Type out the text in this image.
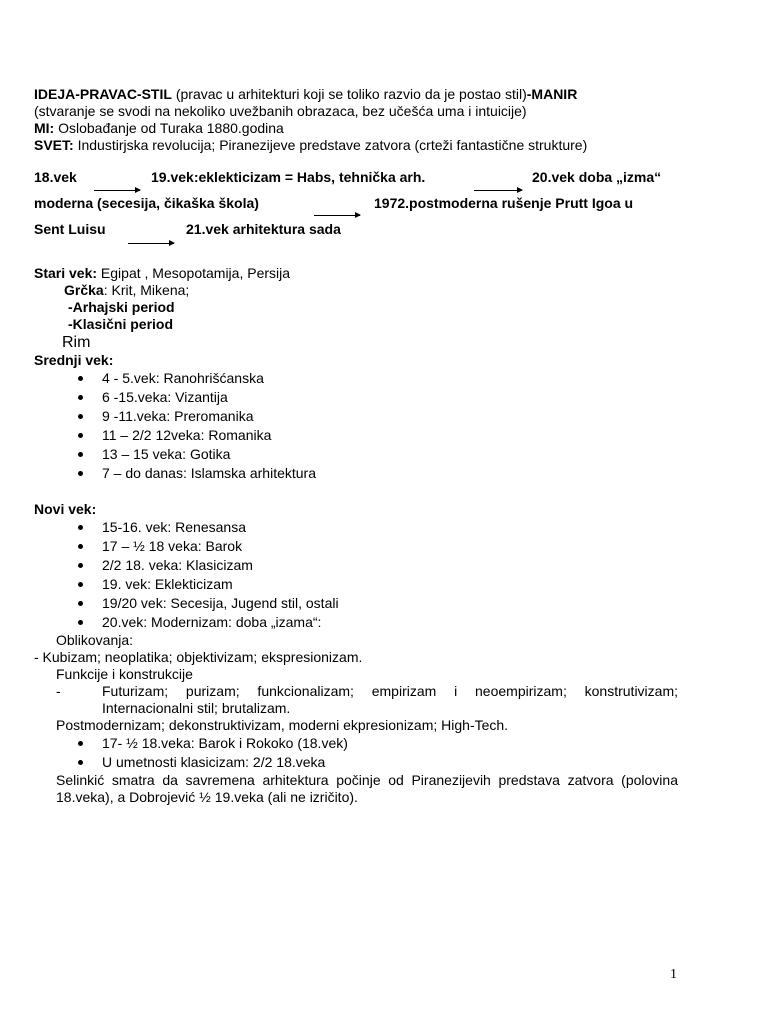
IDEJA-PRAVAC-STIL (pravac u arhitekturi koji se toliko razvio da je postao stil)-MANIR
(stvaranje se svodi na nekoliko uvežbanih obrazaca, bez učešća uma i intuicije)
MI: Oslobađanje od Turaka 1880.godina
SVET: Industirjska revolucija; Piranezijeve predstave zatvora (crteži fantastične strukture)
18.vek	19.vek:eklekticizam = Habs, tehnička arh.	20.vek doba „izma“
moderna (secesija, čikaška škola)	1972.postmoderna rušenje Prutt Igoa u
Sent Luisu	21.vek arhitektura sada
Stari vek: Egipat , Mesopotamija, Persija
Grčka: Krit, Mikena;
-Arhajski period
-Klasični period
Rim
Srednji vek:
4 - 5.vek: Ranohrišćanska
6 -15.veka: Vizantija
9 -11.veka: Preromanika
11 – 2/2 12veka: Romanika
13 – 15 veka: Gotika
7 – do danas: Islamska arhitektura
Novi vek:
15-16. vek: Renesansa
17 – ½ 18 veka: Barok
2/2 18. veka: Klasicizam
19. vek: Eklekticizam
19/20 vek: Secesija, Jugend stil, ostali
20.vek: Modernizam: doba „izama“:
Oblikovanja:
- Kubizam; neoplatika; objektivizam; ekspresionizam.
Funkcije i konstrukcije
-	Futurizam; purizam; funkcionalizam; empirizam i neoempirizam; konstrutivizam; Internacionalni stil; brutalizam.
Postmodernizam; dekonstruktivizam, moderni ekpresionizam; High-Tech.
17- ½ 18.veka: Barok i Rokoko (18.vek)
U umetnosti klasicizam: 2/2 18.veka
Selinkić smatra da savremena arhitektura počinje od Piranezijevih predstava zatvora (polovina 18.veka), a Dobrojević ½ 19.veka (ali ne izričito).
1
